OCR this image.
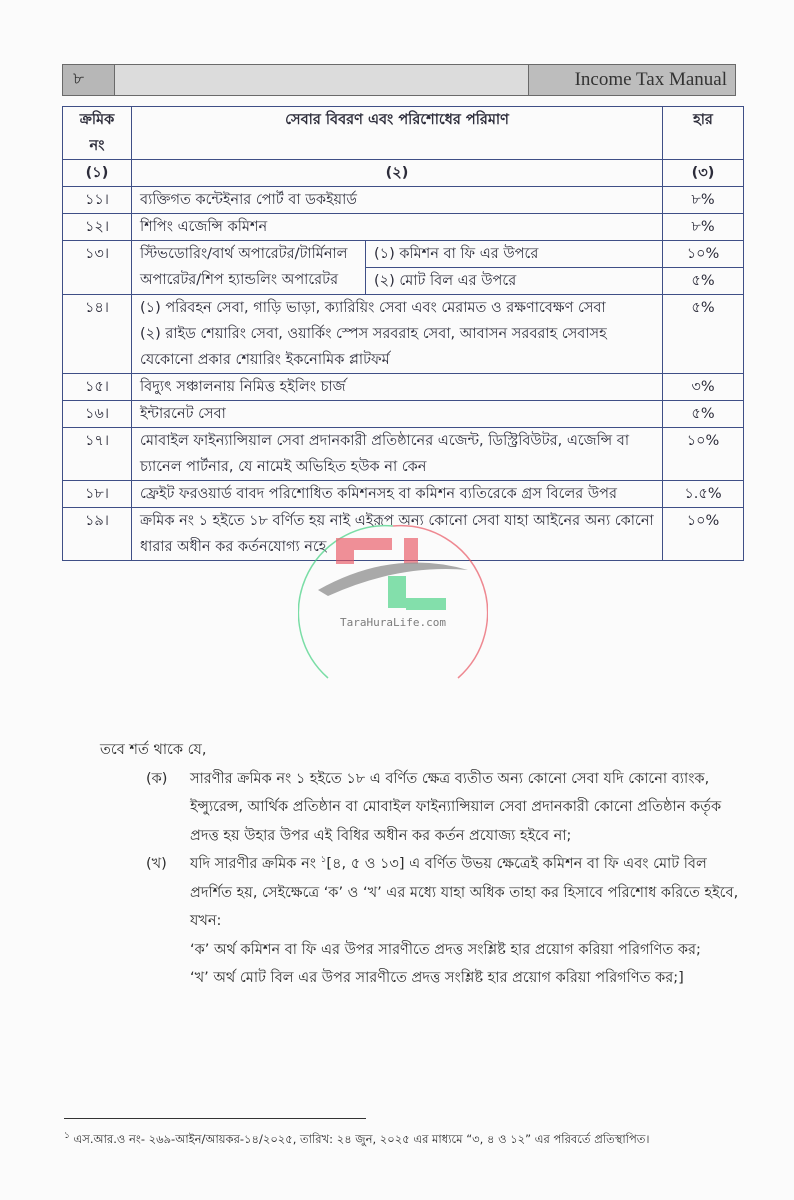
৮	Income Tax Manual
ক্রমিক নং	সেবার বিবরণ এবং পরিশোধের পরিমাণ		হার
(১)	(২)		(৩)
১১।	ব্যক্তিগত কন্টেইনার পোর্ট বা ডকইয়ার্ড		৮%
১২।	শিপিং এজেন্সি কমিশন		৮%
১৩।	স্টিভডোরিং/বার্থ অপারেটর/টার্মিনাল অপারেটর/শিপ হ্যান্ডলিং অপারেটর	(১) কমিশন বা ফি এর উপরে	১০%
		(২) মোট বিল এর উপরে	৫%
১৪।	(১) পরিবহন সেবা, গাড়ি ভাড়া, ক্যারিয়িং সেবা এবং মেরামত ও রক্ষণাবেক্ষণ সেবা
(২) রাইড শেয়ারিং সেবা, ওয়ার্কিং স্পেস সরবরাহ সেবা, আবাসন সরবরাহ সেবাসহ যেকোনো প্রকার শেয়ারিং ইকনোমিক প্লাটফর্ম		৫%
১৫।	বিদ্যুৎ সঞ্চালনায় নিমিত্ত হইলিং চার্জ		৩%
১৬।	ইন্টারনেট সেবা		৫%
১৭।	মোবাইল ফাইন্যান্সিয়াল সেবা প্রদানকারী প্রতিষ্ঠানের এজেন্ট, ডিস্ট্রিবিউটর, এজেন্সি বা চ্যানেল পার্টনার, যে নামেই অভিহিত হউক না কেন		১০%
১৮।	ফ্রেইট ফরওয়ার্ড বাবদ পরিশোধিত কমিশনসহ বা কমিশন ব্যতিরেকে গ্রস বিলের উপর		১.৫%
১৯।	ক্রমিক নং ১ হইতে ১৮ বর্ণিত হয় নাই এইরূপ অন্য কোনো সেবা যাহা আইনের অন্য কোনো ধারার অধীন কর কর্তনযোগ্য নহে		১০%
TaraHuraLife.com
তবে শর্ত থাকে যে,
(ক)	সারণীর ক্রমিক নং ১ হইতে ১৮ এ বর্ণিত ক্ষেত্র ব্যতীত অন্য কোনো সেবা যদি কোনো ব্যাংক, ইন্স্যুরেন্স, আর্থিক প্রতিষ্ঠান বা মোবাইল ফাইন্যান্সিয়াল সেবা প্রদানকারী কোনো প্রতিষ্ঠান কর্তৃক প্রদত্ত হয় উহার উপর এই বিধির অধীন কর কর্তন প্রযোজ্য হইবে না;
(খ)	যদি সারণীর ক্রমিক নং $^১$[৪, ৫ ও ১৩] এ বর্ণিত উভয় ক্ষেত্রেই কমিশন বা ফি এবং মোট বিল প্রদর্শিত হয়, সেইক্ষেত্রে ‘ক’ ও ‘খ’ এর মধ্যে যাহা অধিক তাহা কর হিসাবে পরিশোধ করিতে হইবে, যখন:
‘ক’ অর্থ কমিশন বা ফি এর উপর সারণীতে প্রদত্ত সংশ্লিষ্ট হার প্রয়োগ করিয়া পরিগণিত কর;
‘খ’ অর্থ মোট বিল এর উপর সারণীতে প্রদত্ত সংশ্লিষ্ট হার প্রয়োগ করিয়া পরিগণিত কর;]
$^১$ এস.আর.ও নং- ২৬৯-আইন/আয়কর-১৪/২০২৫, তারিখ: ২৪ জুন, ২০২৫ এর মাধ্যমে “৩, ৪ ও ১২” এর পরিবর্তে প্রতিস্থাপিত।
